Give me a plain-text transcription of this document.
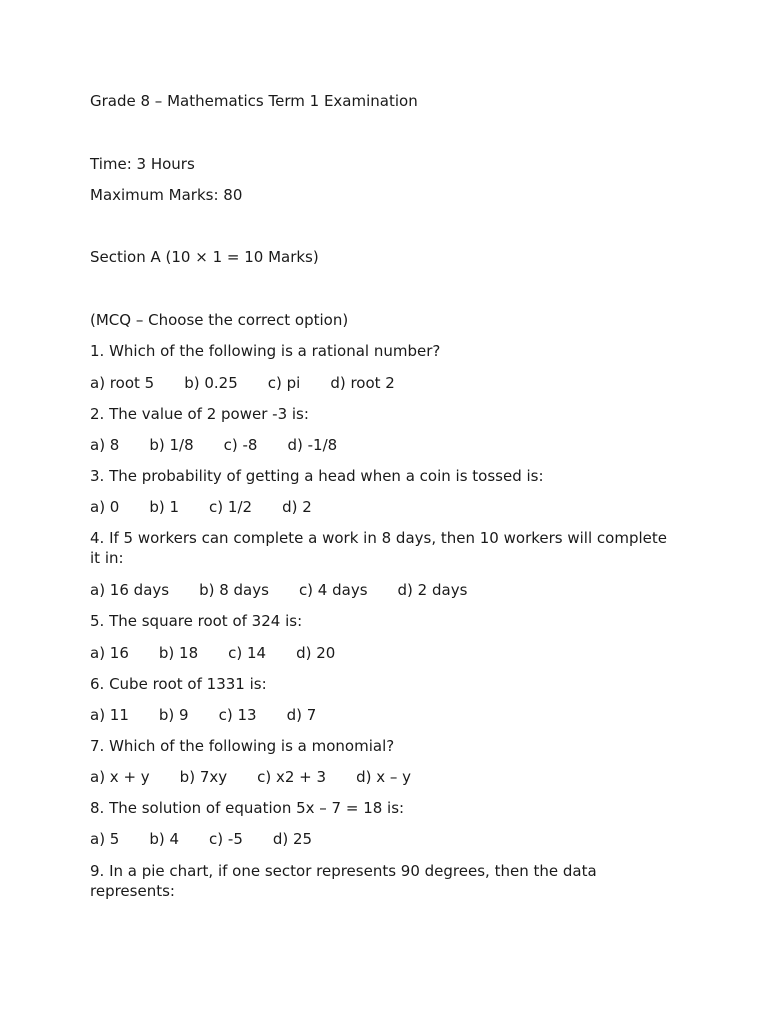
Grade 8 – Mathematics Term 1 Examination
Time: 3 Hours
Maximum Marks: 80
Section A (10 × 1 = 10 Marks)
(MCQ – Choose the correct option)
1. Which of the following is a rational number?
a) root 5 b) 0.25 c) pi d) root 2
2. The value of 2 power -3 is:
a) 8 b) 1/8 c) -8 d) -1/8
3. The probability of getting a head when a coin is tossed is:
a) 0 b) 1 c) 1/2 d) 2
4. If 5 workers can complete a work in 8 days, then 10 workers will complete it in:
a) 16 days b) 8 days c) 4 days d) 2 days
5. The square root of 324 is:
a) 16 b) 18 c) 14 d) 20
6. Cube root of 1331 is:
a) 11 b) 9 c) 13 d) 7
7. Which of the following is a monomial?
a) x + y b) 7xy c) x2 + 3 d) x – y
8. The solution of equation 5x – 7 = 18 is:
a) 5 b) 4 c) -5 d) 25
9. In a pie chart, if one sector represents 90 degrees, then the data represents:
